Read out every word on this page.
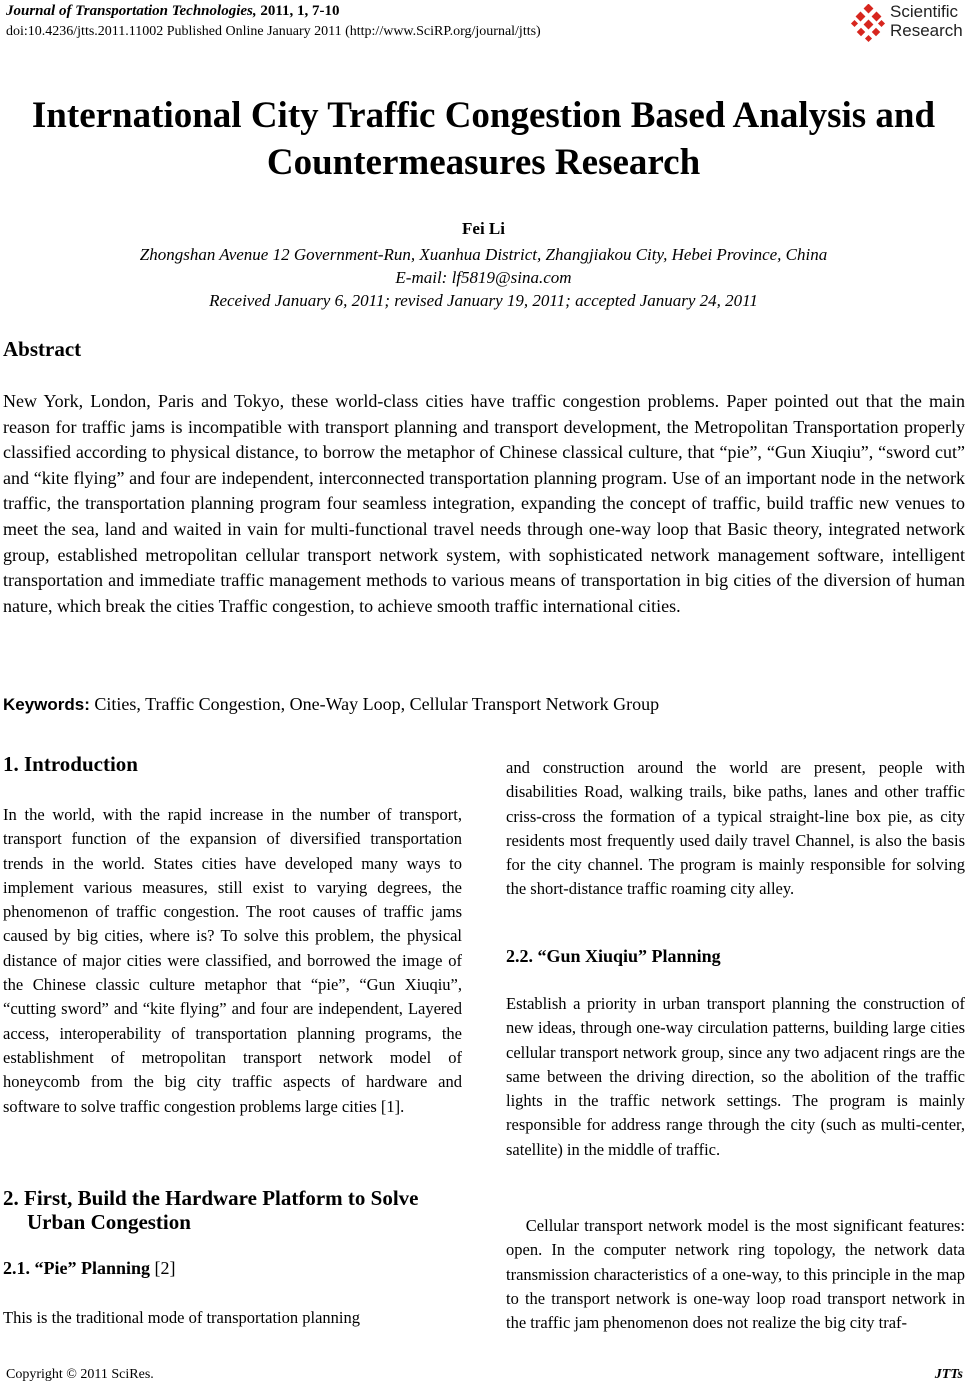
Journal of Transportation Technologies, 2011, 1, 7-10
doi:10.4236/jtts.2011.11002 Published Online January 2011 (http://www.SciRP.org/journal/jtts)
Scientific
Research
International City Traffic Congestion Based Analysis and Countermeasures Research
Fei Li
Zhongshan Avenue 12 Government-Run, Xuanhua District, Zhangjiakou City, Hebei Province, China
E-mail: lf5819@sina.com
Received January 6, 2011; revised January 19, 2011; accepted January 24, 2011
Abstract
New York, London, Paris and Tokyo, these world-class cities have traffic congestion problems. Paper pointed out that the main reason for traffic jams is incompatible with transport planning and transport development, the Metropolitan Transportation properly classified according to physical distance, to borrow the metaphor of Chinese classical culture, that “pie”, “Gun Xiuqiu”, “sword cut” and “kite flying” and four are independent, interconnected transportation planning program. Use of an important node in the network traffic, the transportation planning program four seamless integration, expanding the concept of traffic, build traffic new venues to meet the sea, land and waited in vain for multi-functional travel needs through one-way loop that Basic theory, integrated network group, established metropolitan cellular transport network system, with sophisticated network management software, intelligent transportation and immediate traffic management methods to various means of transportation in big cities of the diversion of human nature, which break the cities Traffic congestion, to achieve smooth traffic international cities.
Keywords: Cities, Traffic Congestion, One-Way Loop, Cellular Transport Network Group
1. Introduction
In the world, with the rapid increase in the number of transport, transport function of the expansion of diversified transportation trends in the world. States cities have developed many ways to implement various measures, still exist to varying degrees, the phenomenon of traffic congestion. The root causes of traffic jams caused by big cities, where is? To solve this problem, the physical distance of major cities were classified, and borrowed the image of the Chinese classic culture metaphor that “pie”, “Gun Xiuqiu”, “cutting sword” and “kite flying” and four are independent, Layered access, interoperability of transportation planning programs, the establishment of metropolitan transport network model of honeycomb from the big city traffic aspects of hardware and software to solve traffic congestion problems large cities [1].
2. First, Build the Hardware Platform to Solve Urban Congestion
2.1. “Pie” Planning [2]
This is the traditional mode of transportation planning
and construction around the world are present, people with disabilities Road, walking trails, bike paths, lanes and other traffic criss-cross the formation of a typical straight-line box pie, as city residents most frequently used daily travel Channel, is also the basis for the city channel. The program is mainly responsible for solving the short-distance traffic roaming city alley.
2.2. “Gun Xiuqiu” Planning
Establish a priority in urban transport planning the construction of new ideas, through one-way circulation patterns, building large cities cellular transport network group, since any two adjacent rings are the same between the driving direction, so the abolition of the traffic lights in the traffic network settings. The program is mainly responsible for address range through the city (such as multi-center, satellite) in the middle of traffic.
Cellular transport network model is the most significant features: open. In the computer network ring topology, the network data transmission characteristics of a one-way, to this principle in the map to the transport network is one-way loop road transport network in the traffic jam phenomenon does not realize the big city traf-
Copyright © 2011 SciRes.	JTTs
